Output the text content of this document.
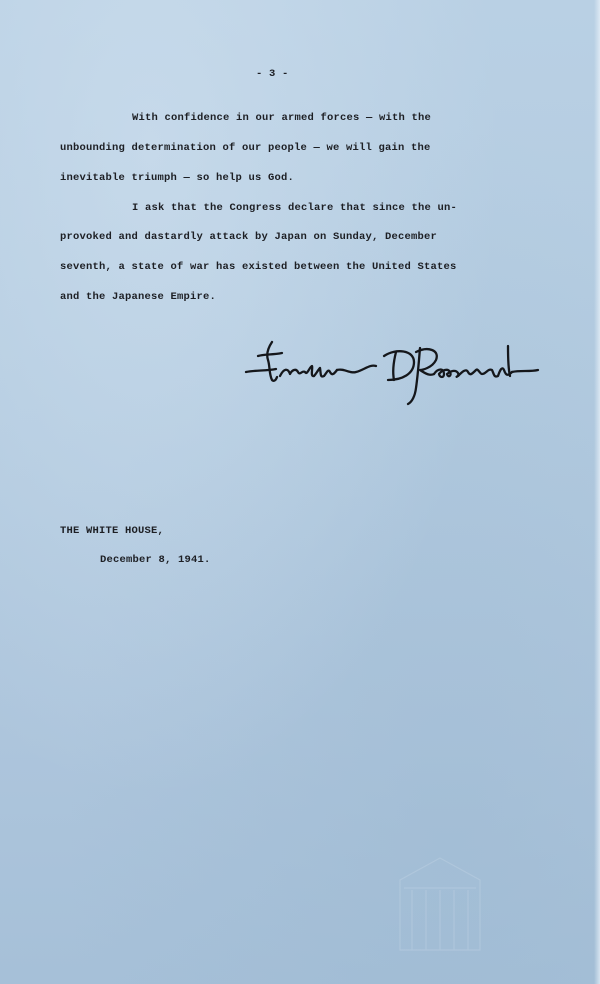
- 3 -
With confidence in our armed forces — with the
unbounding determination of our people — we will gain the
inevitable triumph — so help us God.
I ask that the Congress declare that since the un-
provoked and dastardly attack by Japan on Sunday, December
seventh, a state of war has existed between the United States
and the Japanese Empire.
THE WHITE HOUSE,
December 8, 1941.
